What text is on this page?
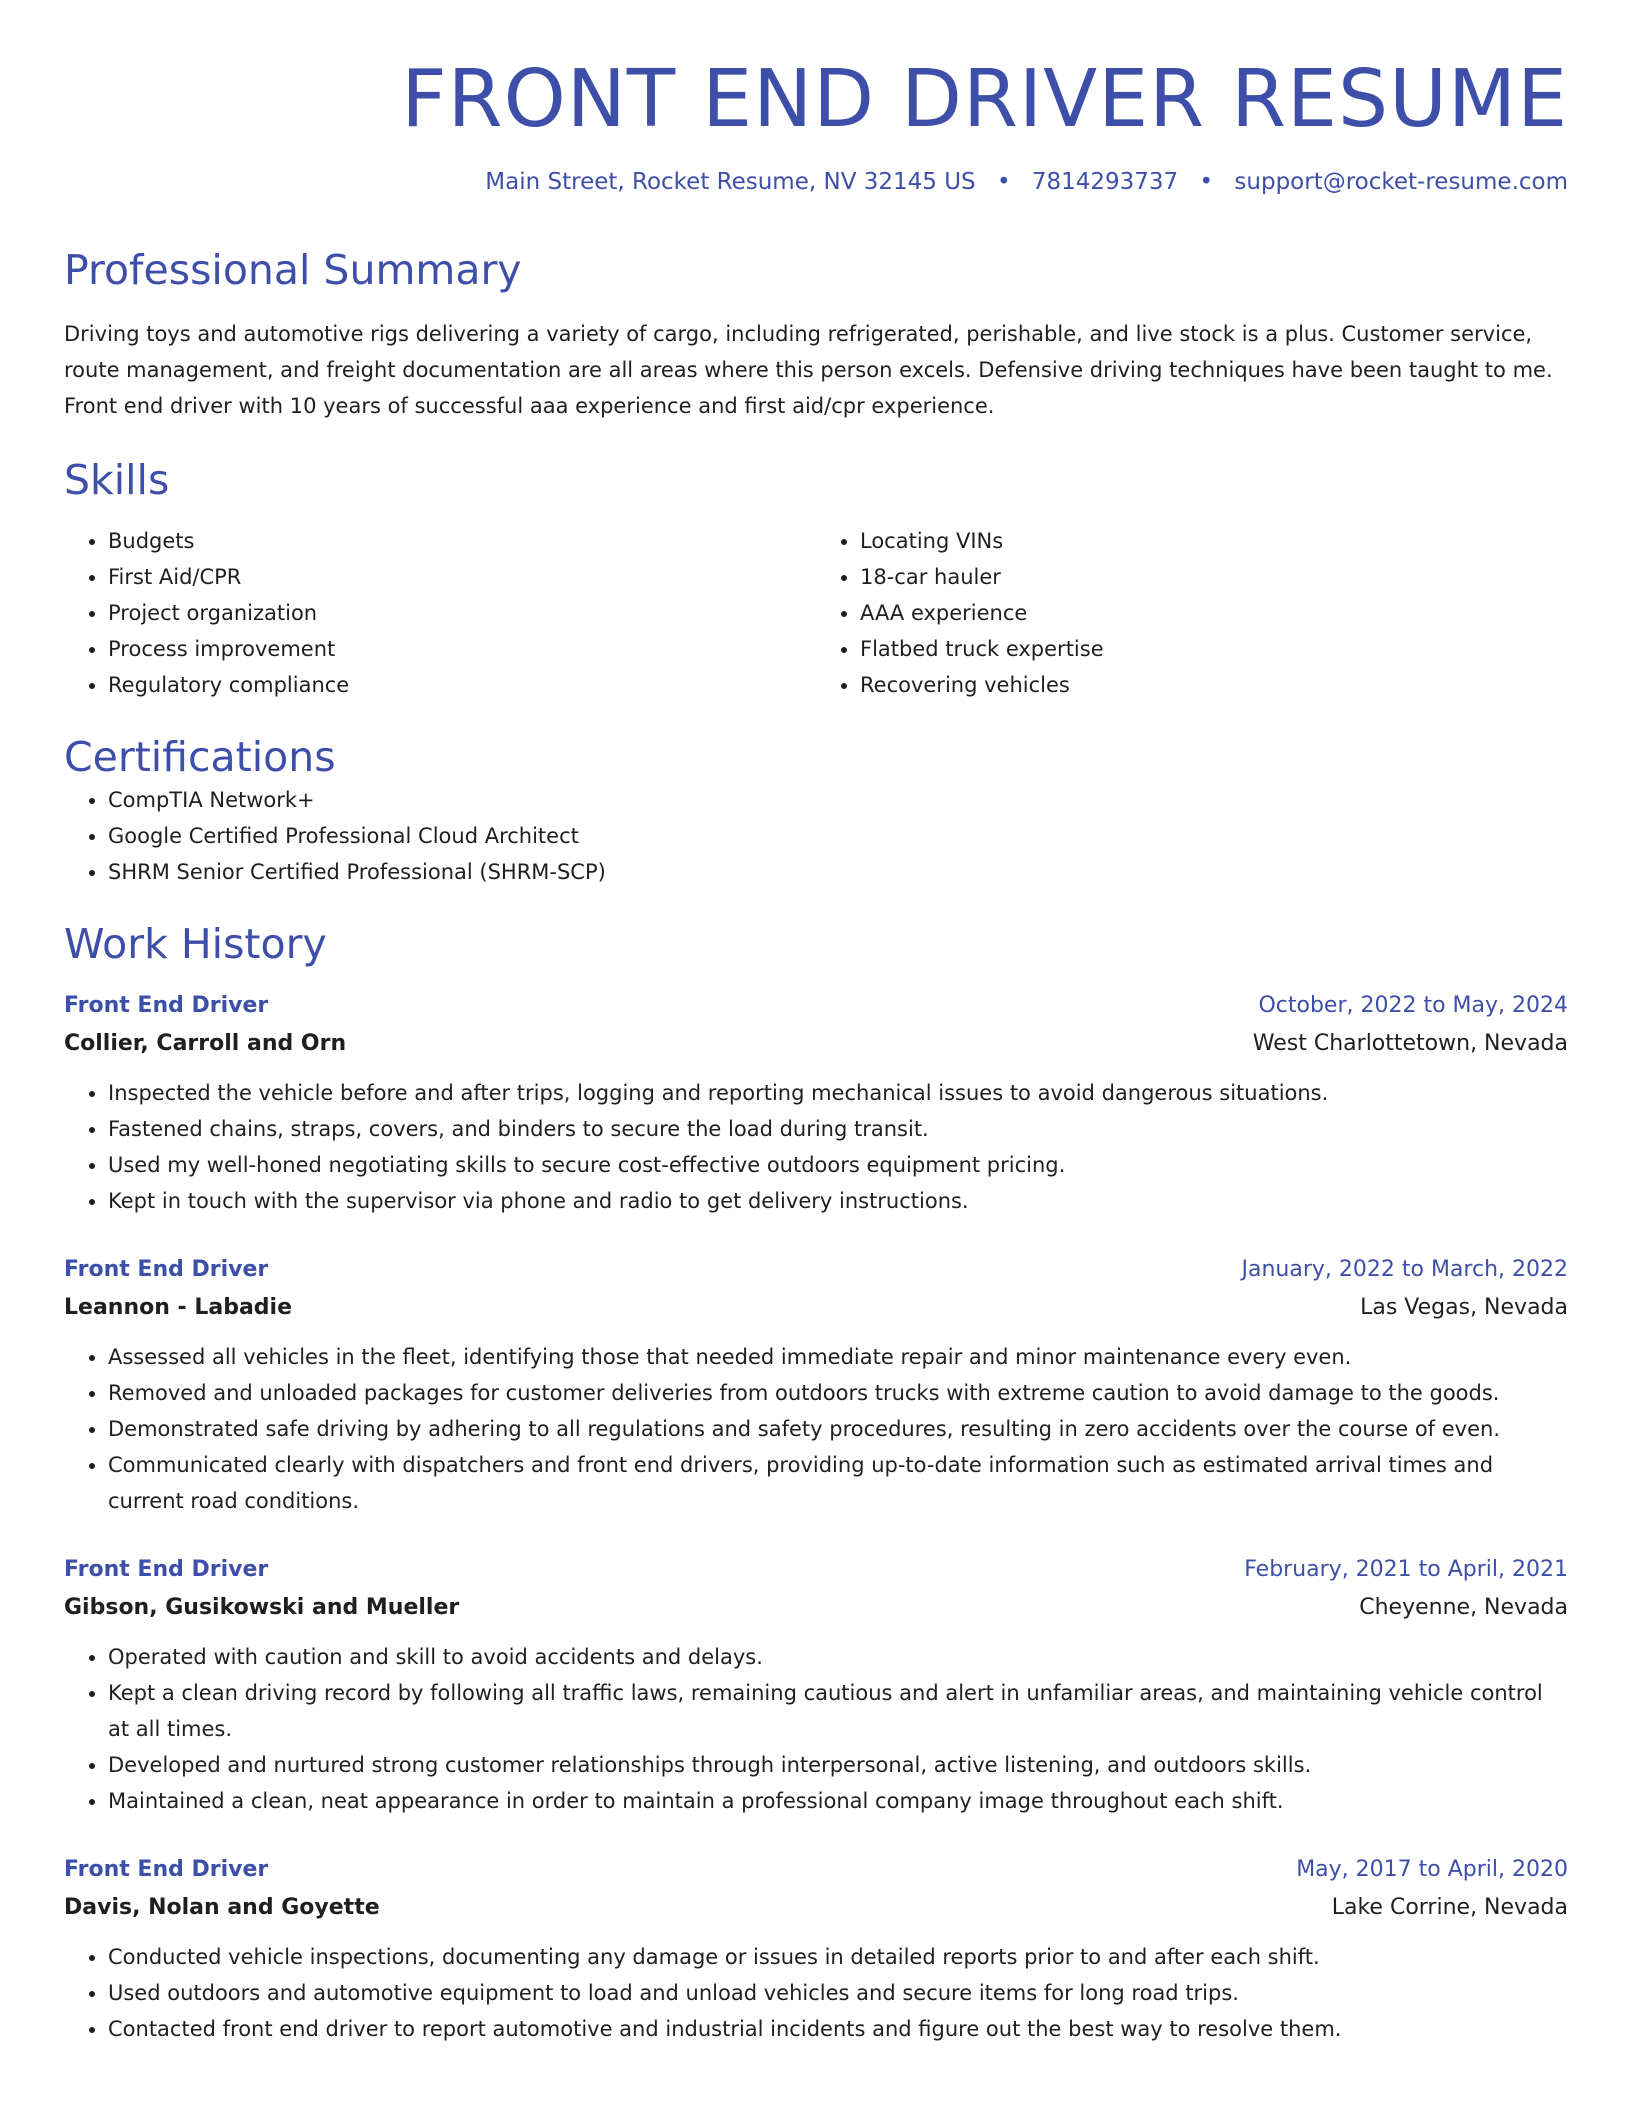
FRONT END DRIVER RESUME
Main Street, Rocket Resume, NV 32145 US • 7814293737 • support@rocket-resume.com
Professional Summary

Driving toys and automotive rigs delivering a variety of cargo, including refrigerated, perishable, and live stock is a plus. Customer service, route management, and freight documentation are all areas where this person excels. Defensive driving techniques have been taught to me. Front end driver with 10 years of successful aaa experience and first aid/cpr experience.

Skills
• Budgets
• First Aid/CPR
• Project organization
• Process improvement
• Regulatory compliance
• Locating VINs
• 18-car hauler
• AAA experience
• Flatbed truck expertise
• Recovering vehicles
Certifications
• CompTIA Network+
• Google Certified Professional Cloud Architect
• SHRM Senior Certified Professional (SHRM-SCP)
Work History
Front End Driver	October, 2022 to May, 2024
Collier, Carroll and Orn	West Charlottetown, Nevada
• Inspected the vehicle before and after trips, logging and reporting mechanical issues to avoid dangerous situations.
• Fastened chains, straps, covers, and binders to secure the load during transit.
• Used my well-honed negotiating skills to secure cost-effective outdoors equipment pricing.
• Kept in touch with the supervisor via phone and radio to get delivery instructions.
Front End Driver	January, 2022 to March, 2022
Leannon - Labadie	Las Vegas, Nevada
• Assessed all vehicles in the fleet, identifying those that needed immediate repair and minor maintenance every even.
• Removed and unloaded packages for customer deliveries from outdoors trucks with extreme caution to avoid damage to the goods.
• Demonstrated safe driving by adhering to all regulations and safety procedures, resulting in zero accidents over the course of even.
• Communicated clearly with dispatchers and front end drivers, providing up-to-date information such as estimated arrival times and current road conditions.
Front End Driver	February, 2021 to April, 2021
Gibson, Gusikowski and Mueller	Cheyenne, Nevada
• Operated with caution and skill to avoid accidents and delays.
• Kept a clean driving record by following all traffic laws, remaining cautious and alert in unfamiliar areas, and maintaining vehicle control at all times.
• Developed and nurtured strong customer relationships through interpersonal, active listening, and outdoors skills.
• Maintained a clean, neat appearance in order to maintain a professional company image throughout each shift.
Front End Driver	May, 2017 to April, 2020
Davis, Nolan and Goyette	Lake Corrine, Nevada
• Conducted vehicle inspections, documenting any damage or issues in detailed reports prior to and after each shift.
• Used outdoors and automotive equipment to load and unload vehicles and secure items for long road trips.
• Contacted front end driver to report automotive and industrial incidents and figure out the best way to resolve them.
